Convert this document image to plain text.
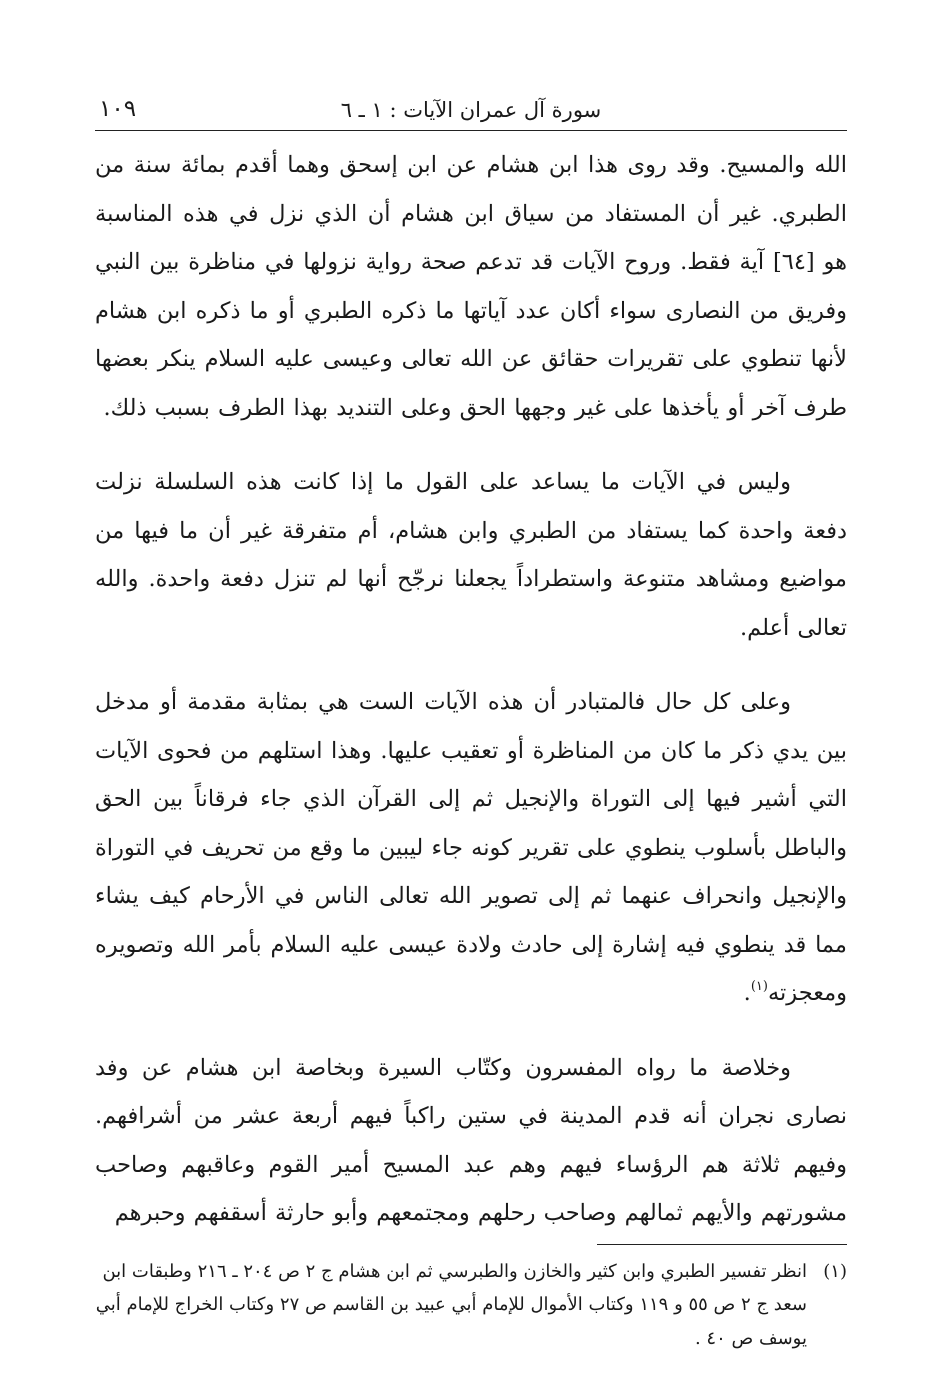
سورة آل عمران الآيات : ١ ـ ٦
١٠٩

الله والمسيح. وقد روى هذا ابن هشام عن ابن إسحق وهما أقدم بمائة سنة من الطبري. غير أن المستفاد من سياق ابن هشام أن الذي نزل في هذه المناسبة هو [٦٤] آية فقط. وروح الآيات قد تدعم صحة رواية نزولها في مناظرة بين النبي وفريق من النصارى سواء أكان عدد آياتها ما ذكره الطبري أو ما ذكره ابن هشام لأنها تنطوي على تقريرات حقائق عن الله تعالى وعيسى عليه السلام ينكر بعضها طرف آخر أو يأخذها على غير وجهها الحق وعلى التنديد بهذا الطرف بسبب ذلك.

وليس في الآيات ما يساعد على القول ما إذا كانت هذه السلسلة نزلت دفعة واحدة كما يستفاد من الطبري وابن هشام، أم متفرقة غير أن ما فيها من مواضيع ومشاهد متنوعة واستطراداً يجعلنا نرجّح أنها لم تنزل دفعة واحدة. والله تعالى أعلم.

وعلى كل حال فالمتبادر أن هذه الآيات الست هي بمثابة مقدمة أو مدخل بين يدي ذكر ما كان من المناظرة أو تعقيب عليها. وهذا استلهم من فحوى الآيات التي أشير فيها إلى التوراة والإنجيل ثم إلى القرآن الذي جاء فرقاناً بين الحق والباطل بأسلوب ينطوي على تقرير كونه جاء ليبين ما وقع من تحريف في التوراة والإنجيل وانحراف عنهما ثم إلى تصوير الله تعالى الناس في الأرحام كيف يشاء مما قد ينطوي فيه إشارة إلى حادث ولادة عيسى عليه السلام بأمر الله وتصويره ومعجزته$^{(١)}$.

وخلاصة ما رواه المفسرون وكتّاب السيرة وبخاصة ابن هشام عن وفد نصارى نجران أنه قدم المدينة في ستين راكباً فيهم أربعة عشر من أشرافهم. وفيهم ثلاثة هم الرؤساء فيهم وهم عبد المسيح أمير القوم وعاقبهم وصاحب مشورتهم والأيهم ثمالهم وصاحب رحلهم ومجتمعهم وأبو حارثة أسقفهم وحبرهم

(١)
انظر تفسير الطبري وابن كثير والخازن والطبرسي ثم ابن هشام ج ٢ ص ٢٠٤ ـ ٢١٦ وطبقات ابن سعد ج ٢ ص ٥٥ و ١١٩ وكتاب الأموال للإمام أبي عبيد بن القاسم ص ٢٧ وكتاب الخراج للإمام أبي يوسف ص ٤٠ .
